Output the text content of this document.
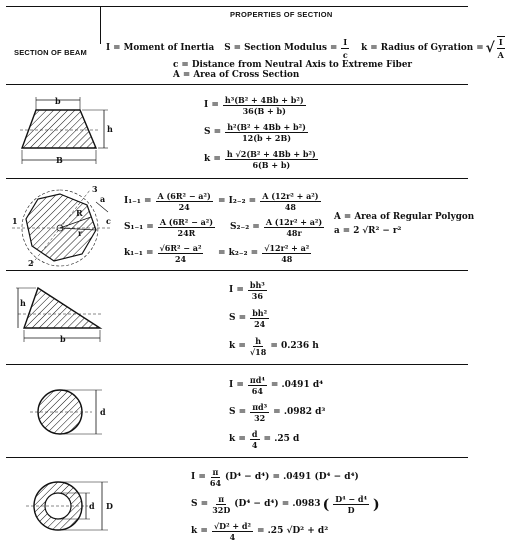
PROPERTIES OF SECTION
SECTION OF BEAM I = Moment of Inertia S = Section Modulus = $\frac{I}{c}$ k = Radius of Gyration = √ $\frac{I}{A}$
c = Distance from Neutral Axis to Extreme Fiber
A = Area of Cross Section
b
B
h
$I = \frac{\text{h³(B² + 4Bb + b²)}}{36(B + b)}$
$S = \frac{\text{h²(B² + 4Bb + b²)}}{12(b + 2B)}$
$k = \frac{\text{h √2(B² + 4Bb + b²)}}{6(B + b)}$
a
c
R
r
1
2
3
$I_{1-1} = \frac{\text{A (6R² − a²)}}{24}$
$S_{1-1} = \frac{\text{A (6R² − a²)}}{24R}$
$k_{1-1} = \frac{\text{√6R² − a²}}{24}$
= $I_{2-2} = \frac{\text{A (12r² + a²)}}{48}$
$S_{2-2} = \frac{\text{A (12r² + a²)}}{48r}$
= $k_{2-2} = \frac{\text{√12r² + a²}}{48}$
A = Area of Regular Polygon
a = 2 √R² − r²
b
h
$I = \frac{\text{bh³}}{36}$
$S = \frac{\text{bh²}}{24}$
$k = \frac{h}{√18} = 0.236$ h
d
$I = \frac{\text{πd⁴}}{64} = .0491$ d⁴
$S = \frac{\text{πd³}}{32} = .0982$ d³
$k = \frac{d}{4} = .25$ d
d D
$I = \frac{\pi}{64} (D^4 - d^4) = .0491$ (D⁴ − d⁴)
$S = \frac{\pi}{32D} (D^4 - d^4) = .0983$ ( $\frac{\text{D⁴ − d⁴}}{D}$ )
$k = \frac{\text{√D² + d²}}{4} = .25$ √D² + d²
